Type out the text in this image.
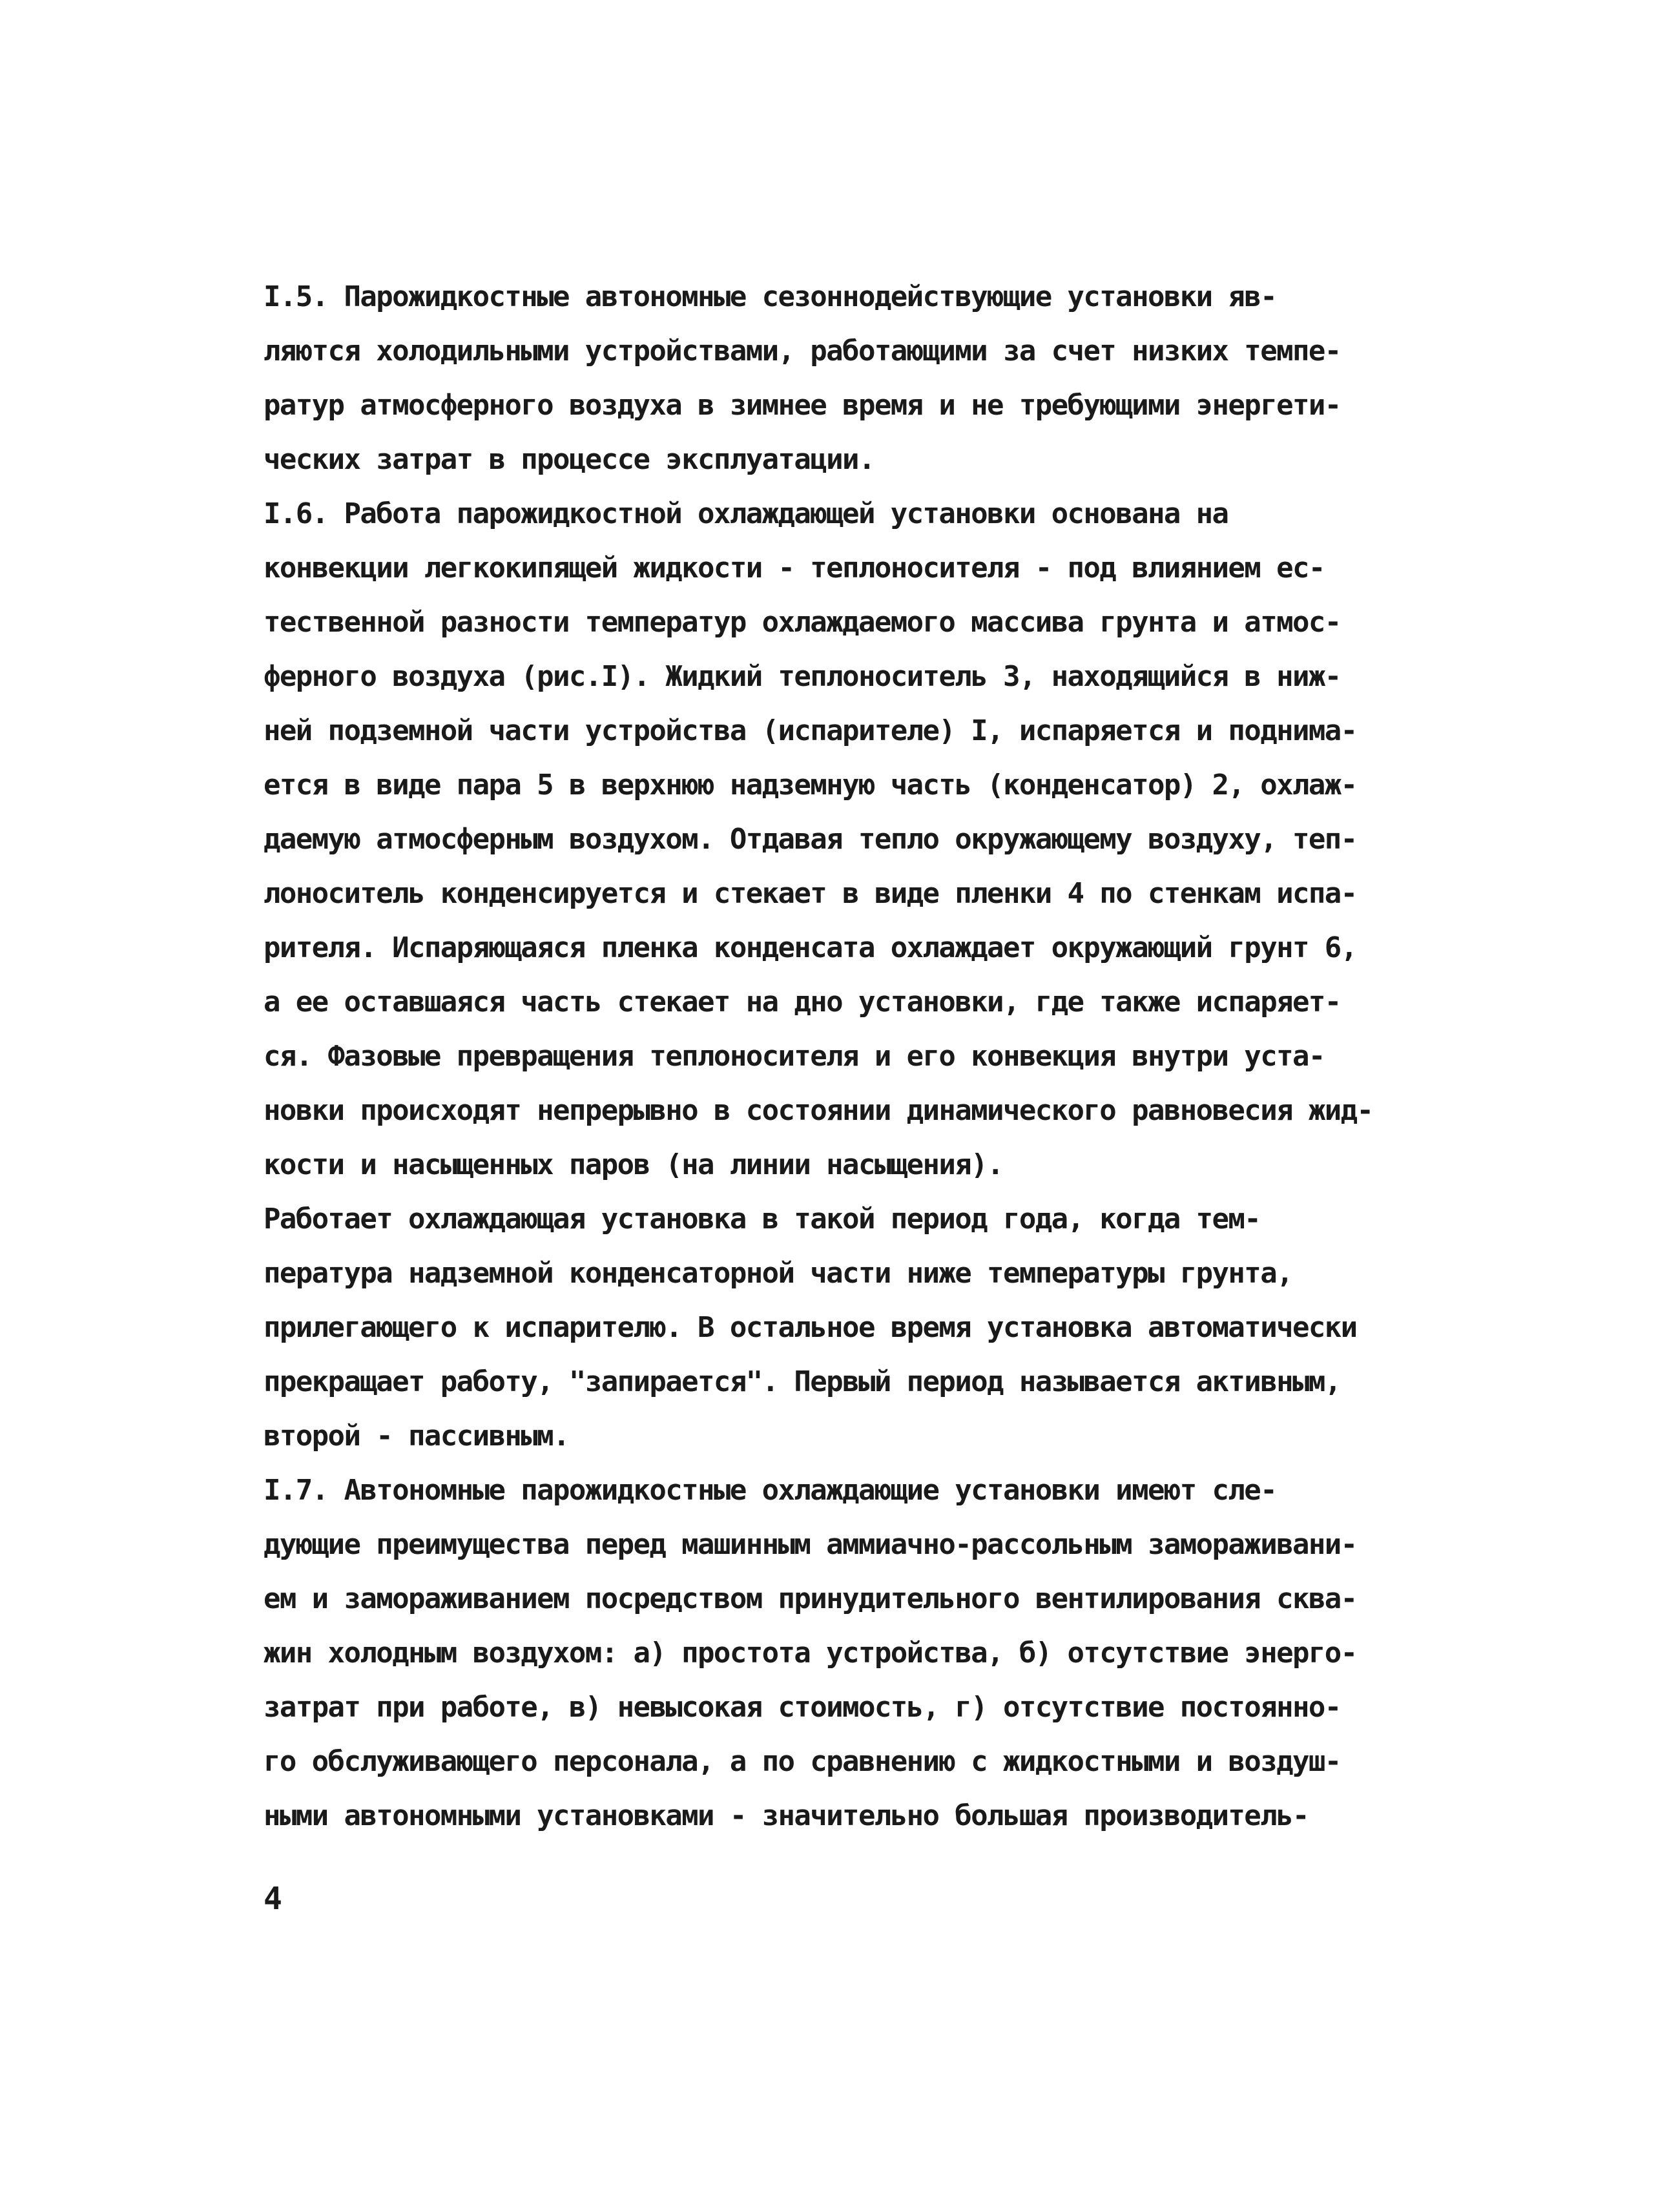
I.5. Парожидкостные автономные сезоннодействующие установки яв-

ляются холодильными устройствами, работающими за счет низких темпе-

ратур атмосферного воздуха в зимнее время и не требующими энергети-

ческих затрат в процессе эксплуатации.

I.6. Работа парожидкостной охлаждающей установки основана на

конвекции легкокипящей жидкости - теплоносителя - под влиянием ес-

тественной разности температур охлаждаемого массива грунта и атмос-

ферного воздуха (рис.I). Жидкий теплоноситель 3, находящийся в ниж-

ней подземной части устройства (испарителе) I, испаряется и поднима-

ется в виде пара 5 в верхнюю надземную часть (конденсатор) 2, охлаж-

даемую атмосферным воздухом. Отдавая тепло окружающему воздуху, теп-

лоноситель конденсируется и стекает в виде пленки 4 по стенкам испа-

рителя. Испаряющаяся пленка конденсата охлаждает окружающий грунт 6,

а ее оставшаяся часть стекает на дно установки, где также испаряет-

ся. Фазовые превращения теплоносителя и его конвекция внутри уста-

новки происходят непрерывно в состоянии динамического равновесия жид-

кости и насыщенных паров (на линии насыщения).

Работает охлаждающая установка в такой период года, когда тем-

пература надземной конденсаторной части ниже температуры грунта,

прилегающего к испарителю. В остальное время установка автоматически

прекращает работу, "запирается". Первый период называется активным,

второй - пассивным.

I.7. Автономные парожидкостные охлаждающие установки имеют сле-

дующие преимущества перед машинным аммиачно-рассольным замораживани-

ем и замораживанием посредством принудительного вентилирования сква-

жин холодным воздухом: а) простота устройства, б) отсутствие энерго-

затрат при работе, в) невысокая стоимость, г) отсутствие постоянно-

го обслуживающего персонала, а по сравнению с жидкостными и воздуш-

ными автономными установками - значительно большая производитель-

4
